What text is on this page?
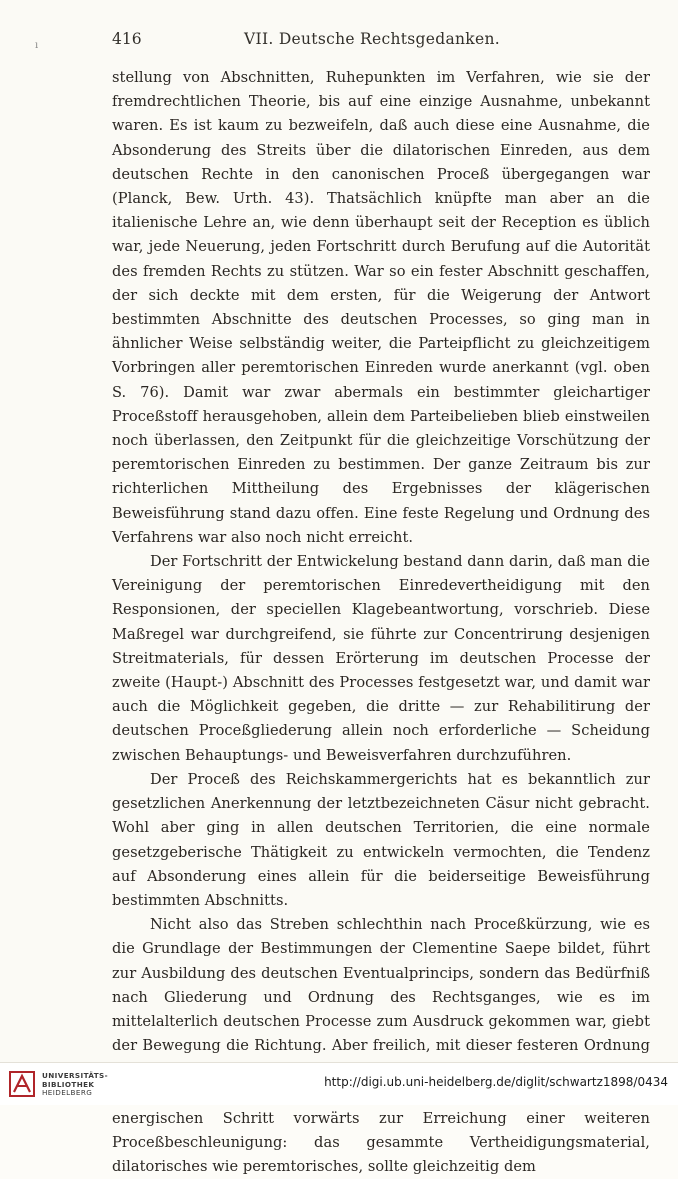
ı	416	VII. Deutsche Rechtsgedanken.

stellung von Abschnitten, Ruhepunkten im Verfahren, wie sie der fremdrechtlichen Theorie, bis auf eine einzige Ausnahme, unbekannt waren. Es ist kaum zu bezweifeln, daß auch diese eine Ausnahme, die Absonderung des Streits über die dilatorischen Einreden, aus dem deutschen Rechte in den canonischen Proceß übergegangen war (Planck, Bew. Urth. 43). Thatsächlich knüpfte man aber an die italienische Lehre an, wie denn überhaupt seit der Reception es üblich war, jede Neuerung, jeden Fortschritt durch Berufung auf die Autorität des fremden Rechts zu stützen. War so ein fester Abschnitt geschaffen, der sich deckte mit dem ersten, für die Weigerung der Antwort bestimmten Abschnitte des deutschen Processes, so ging man in ähnlicher Weise selbständig weiter, die Parteipflicht zu gleichzeitigem Vorbringen aller peremtorischen Einreden wurde anerkannt (vgl. oben S. 76). Damit war zwar abermals ein bestimmter gleichartiger Proceßstoff herausgehoben, allein dem Parteibelieben blieb einstweilen noch überlassen, den Zeitpunkt für die gleichzeitige Vorschützung der peremtorischen Einreden zu bestimmen. Der ganze Zeitraum bis zur richterlichen Mittheilung des Ergebnisses der klägerischen Beweisführung stand dazu offen. Eine feste Regelung und Ordnung des Verfahrens war also noch nicht erreicht.

Der Fortschritt der Entwickelung bestand dann darin, daß man die Vereinigung der peremtorischen Einredevertheidigung mit den Responsionen, der speciellen Klagebeantwortung, vorschrieb. Diese Maßregel war durchgreifend, sie führte zur Concentrirung desjenigen Streitmaterials, für dessen Erörterung im deutschen Processe der zweite (Haupt-) Abschnitt des Processes festgesetzt war, und damit war auch die Möglichkeit gegeben, die dritte — zur Rehabilitirung der deutschen Proceßgliederung allein noch erforderliche — Scheidung zwischen Behauptungs- und Beweisverfahren durchzuführen.

Der Proceß des Reichskammergerichts hat es bekanntlich zur gesetzlichen Anerkennung der letztbezeichneten Cäsur nicht gebracht. Wohl aber ging in allen deutschen Territorien, die eine normale gesetzgeberische Thätigkeit zu entwickeln vermochten, die Tendenz auf Absonderung eines allein für die beiderseitige Beweisführung bestimmten Abschnitts.

Nicht also das Streben schlechthin nach Proceßkürzung, wie es die Grundlage der Bestimmungen der Clementine Saepe bildet, führt zur Ausbildung des deutschen Eventualprincips, sondern das Bedürfniß nach Gliederung und Ordnung des Rechtsganges, wie es im mittelalterlich deutschen Processe zum Ausdruck gekommen war, giebt der Bewegung die Richtung. Aber freilich, mit dieser festeren Ordnung energischen Schritt vorwärts zur Erreichung einer weiteren Proceßbeschleunigung: das gesammte Vertheidigungsmaterial, dilatorisches wie peremtorisches, sollte gleichzeitig dem

UNIVERSITÄTS-
BIBLIOTHEK
HEIDELBERG
http://digi.ub.uni-heidelberg.de/diglit/schwartz1898/0434
